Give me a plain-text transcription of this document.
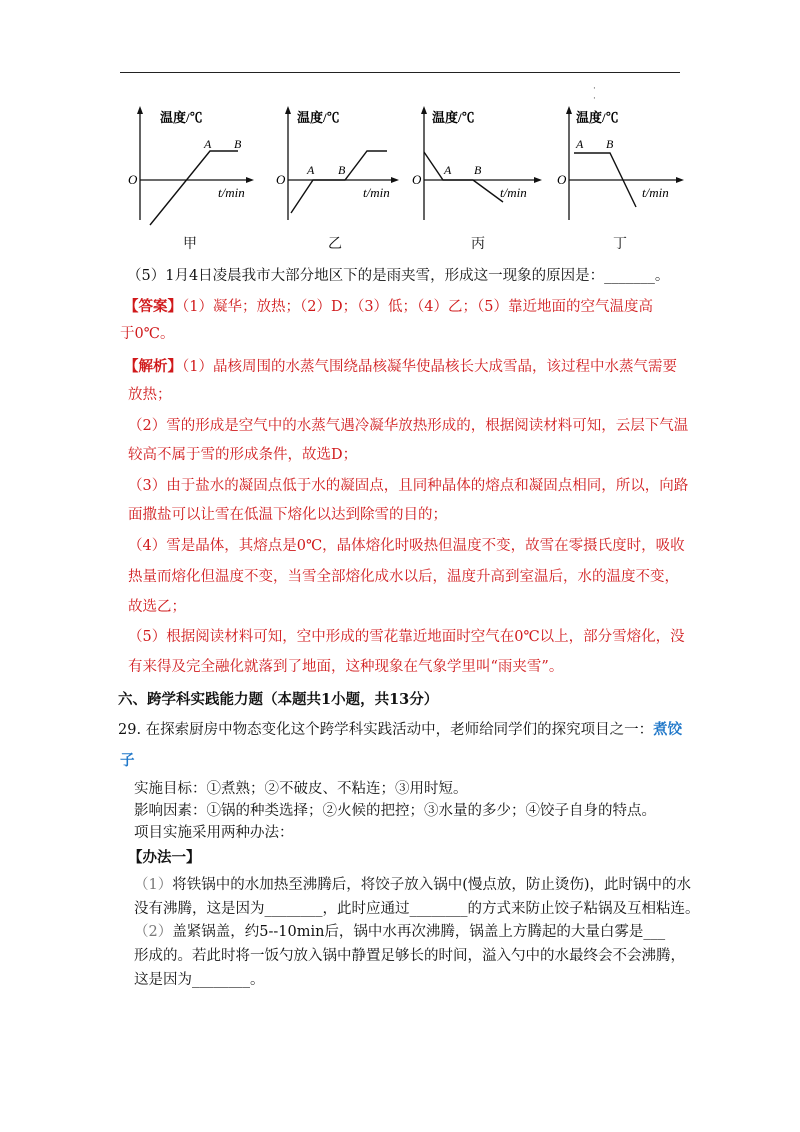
·
·
O
A B
温度/℃
t/min
甲
O
A B
温度/℃
t/min
乙
O
A B
温度/℃
t/min
丙
O
A B
温度/℃
t/min
丁
（5）1月4日凌晨我市大部分地区下的是雨夹雪，形成这一现象的原因是：_______。
【答案】（1）凝华；放热；（2）D；（3）低；（4）乙；（5）靠近地面的空气温度高
于0℃。
【解析】（1）晶核周围的水蒸气围绕晶核凝华使晶核长大成雪晶，该过程中水蒸气需要
放热；
（2）雪的形成是空气中的水蒸气遇冷凝华放热形成的，根据阅读材料可知，云层下气温
较高不属于雪的形成条件，故选D；
（3）由于盐水的凝固点低于水的凝固点，且同种晶体的熔点和凝固点相同，所以，向路
面撒盐可以让雪在低温下熔化以达到除雪的目的；
（4）雪是晶体，其熔点是0℃，晶体熔化时吸热但温度不变，故雪在零摄氏度时，吸收
热量而熔化但温度不变，当雪全部熔化成水以后，温度升高到室温后，水的温度不变，
故选乙；
（5）根据阅读材料可知，空中形成的雪花靠近地面时空气在0℃以上，部分雪熔化，没
有来得及完全融化就落到了地面，这种现象在气象学里叫“雨夹雪”。
六、跨学科实践能力题（本题共1小题，共13分）
29. 在探索厨房中物态变化这个跨学科实践活动中，老师给同学们的探究项目之一：煮饺
子
实施目标：①煮熟；②不破皮、不粘连；③用时短。
影响因素：①锅的种类选择；②火候的把控；③水量的多少；④饺子自身的特点。
项目实施采用两种办法：
【办法一】
（1）将铁锅中的水加热至沸腾后，将饺子放入锅中(慢点放，防止烫伤)，此时锅中的水
没有沸腾，这是因为________，此时应通过________的方式来防止饺子粘锅及互相粘连。
（2）盖紧锅盖，约5--10min后，锅中水再次沸腾，锅盖上方腾起的大量白雾是___
形成的。若此时将一饭勺放入锅中静置足够长的时间，溢入勺中的水最终会不会沸腾，
这是因为________。
